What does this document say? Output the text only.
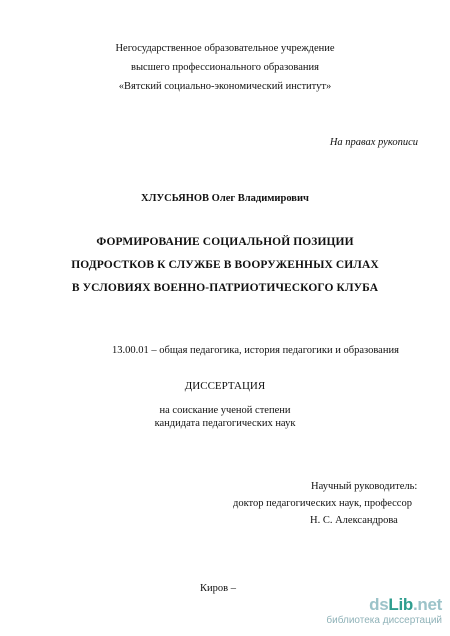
Негосударственное образовательное учреждение
высшего профессионального образования
«Вятский социально-экономический институт»
На правах рукописи
ХЛУСЬЯНОВ Олег Владимирович
ФОРМИРОВАНИЕ СОЦИАЛЬНОЙ ПОЗИЦИИ
ПОДРОСТКОВ К СЛУЖБЕ В ВООРУЖЕННЫХ СИЛАХ
В УСЛОВИЯХ ВОЕННО-ПАТРИОТИЧЕСКОГО КЛУБА
13.00.01 – общая педагогика, история педагогики и образования
ДИССЕРТАЦИЯ
на соискание ученой степени
кандидата педагогических наук
Научный руководитель:
доктор педагогических наук, профессор
Н. С. Александрова
Киров –
dsLib.net
библиотека диссертаций
